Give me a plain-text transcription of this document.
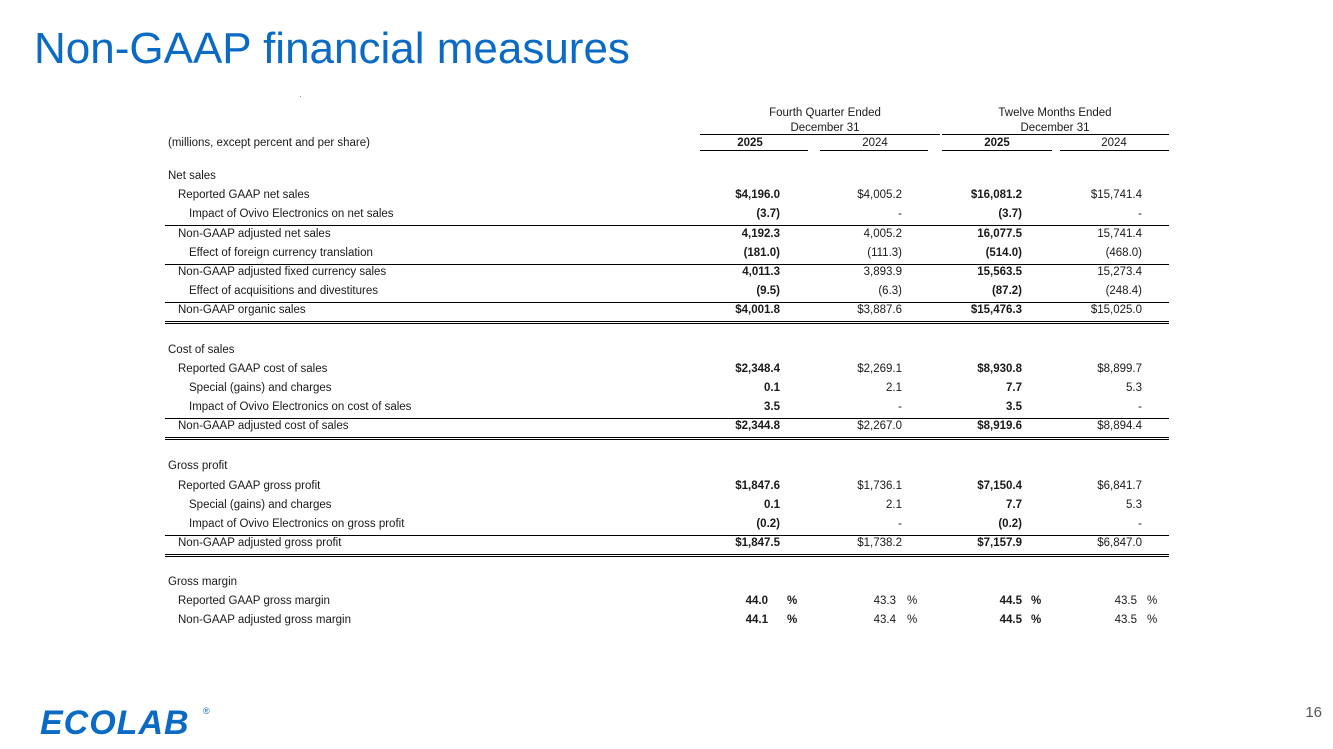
Non-GAAP financial measures
Fourth Quarter Ended
December 31
Twelve Months Ended
December 31
(millions, except percent and per share)	2025	2024	2025	2024
Net sales
Reported GAAP net sales	$4,196.0	$4,005.2	$16,081.2	$15,741.4
Impact of Ovivo Electronics on net sales	(3.7)	-	(3.7)	-
Non-GAAP adjusted net sales	4,192.3	4,005.2	16,077.5	15,741.4
Effect of foreign currency translation	(181.0)	(111.3)	(514.0)	(468.0)
Non-GAAP adjusted fixed currency sales	4,011.3	3,893.9	15,563.5	15,273.4
Effect of acquisitions and divestitures	(9.5)	(6.3)	(87.2)	(248.4)
Non-GAAP organic sales	$4,001.8	$3,887.6	$15,476.3	$15,025.0
Cost of sales
Reported GAAP cost of sales	$2,348.4	$2,269.1	$8,930.8	$8,899.7
Special (gains) and charges	0.1	2.1	7.7	5.3
Impact of Ovivo Electronics on cost of sales	3.5	-	3.5	-
Non-GAAP adjusted cost of sales	$2,344.8	$2,267.0	$8,919.6	$8,894.4
Gross profit
Reported GAAP gross profit	$1,847.6	$1,736.1	$7,150.4	$6,841.7
Special (gains) and charges	0.1	2.1	7.7	5.3
Impact of Ovivo Electronics on gross profit	(0.2)	-	(0.2)	-
Non-GAAP adjusted gross profit	$1,847.5	$1,738.2	$7,157.9	$6,847.0
Gross margin
Reported GAAP gross margin	44.0 %	43.3 %	44.5 %	43.5 %
Non-GAAP adjusted gross margin	44.1 %	43.4 %	44.5 %	43.5 %
ECOLAB ®	16
